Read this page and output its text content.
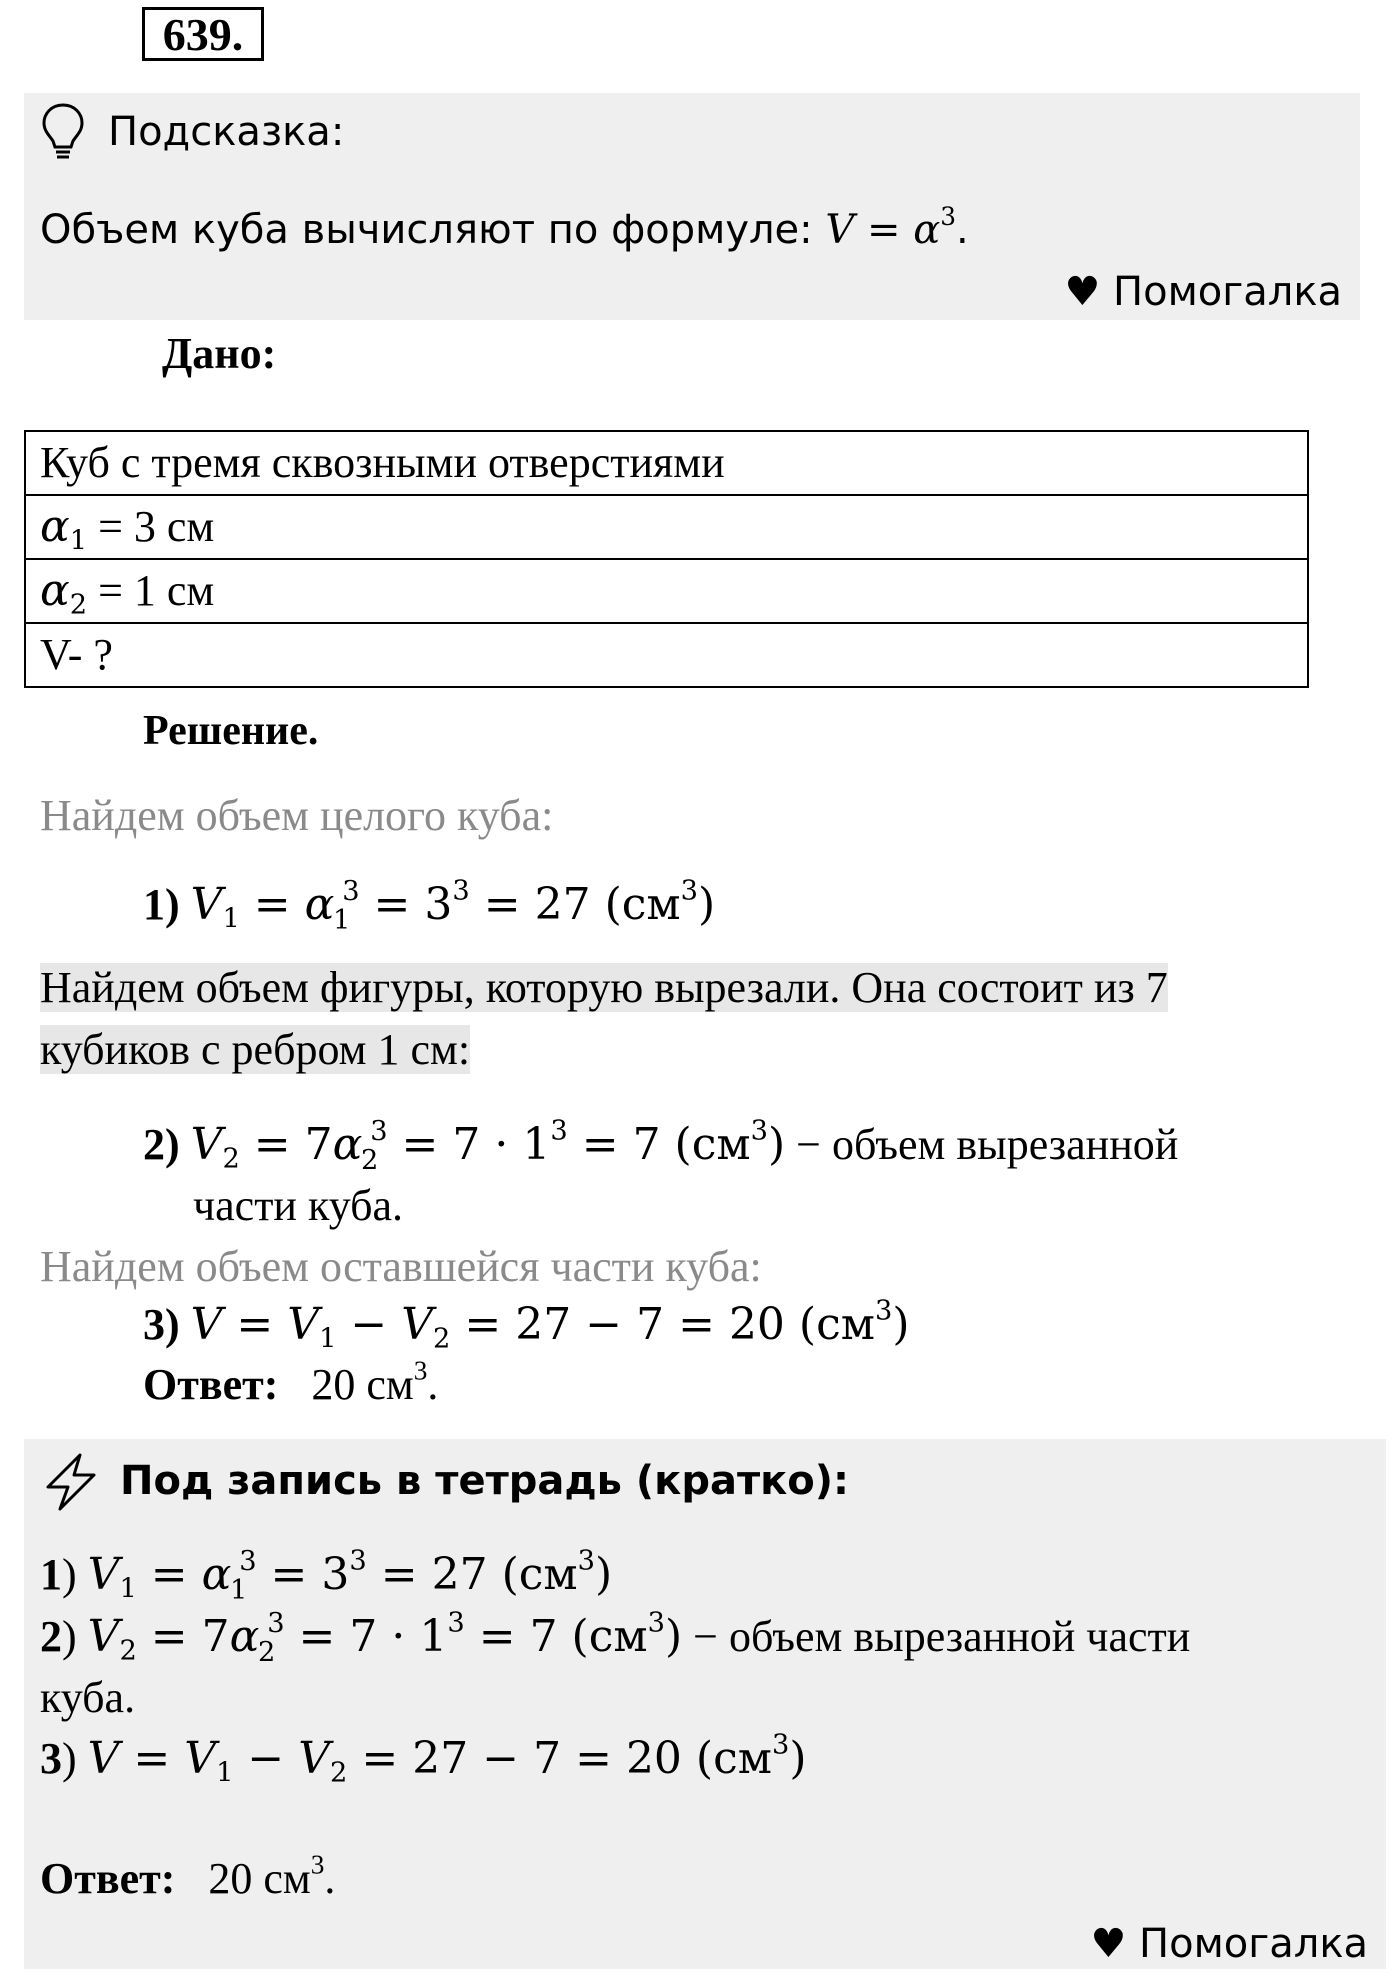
639.
Подсказка:
Объем куба вычисляют по формуле: $V = \alpha^3$.
♥ Помогалка
Дано:
Куб с тремя сквозными отверстиями
$\alpha_1 = 3$ см
$\alpha_2 = 1$ см
V- ?
Решение.
Найдем объем целого куба:
1) $V_1 = \alpha_1^3 = 3^3 = 27$ $(см^3)$
Найдем объем фигуры, которую вырезали. Она состоит из 7
кубиков с ребром 1 см:
2) $V_2 = 7\alpha_2^3 = 7 \cdot 1^3 = 7$ $(см^3)$ − объем вырезанной
части куба.
Найдем объем оставшейся части куба:
3) $V = V_1 - V_2 = 27 - 7 = 20$ $(см^3)$
Ответ: 20 $см^3$.
Под запись в тетрадь (кратко):
1) $V_1 = \alpha_1^3 = 3^3 = 27$ $(см^3)$
2) $V_2 = 7\alpha_2^3 = 7 \cdot 1^3 = 7$ $(см^3)$ − объем вырезанной части
куба.
3) $V = V_1 - V_2 = 27 - 7 = 20$ $(см^3)$
Ответ: 20 $см^3$.
♥ Помогалка
